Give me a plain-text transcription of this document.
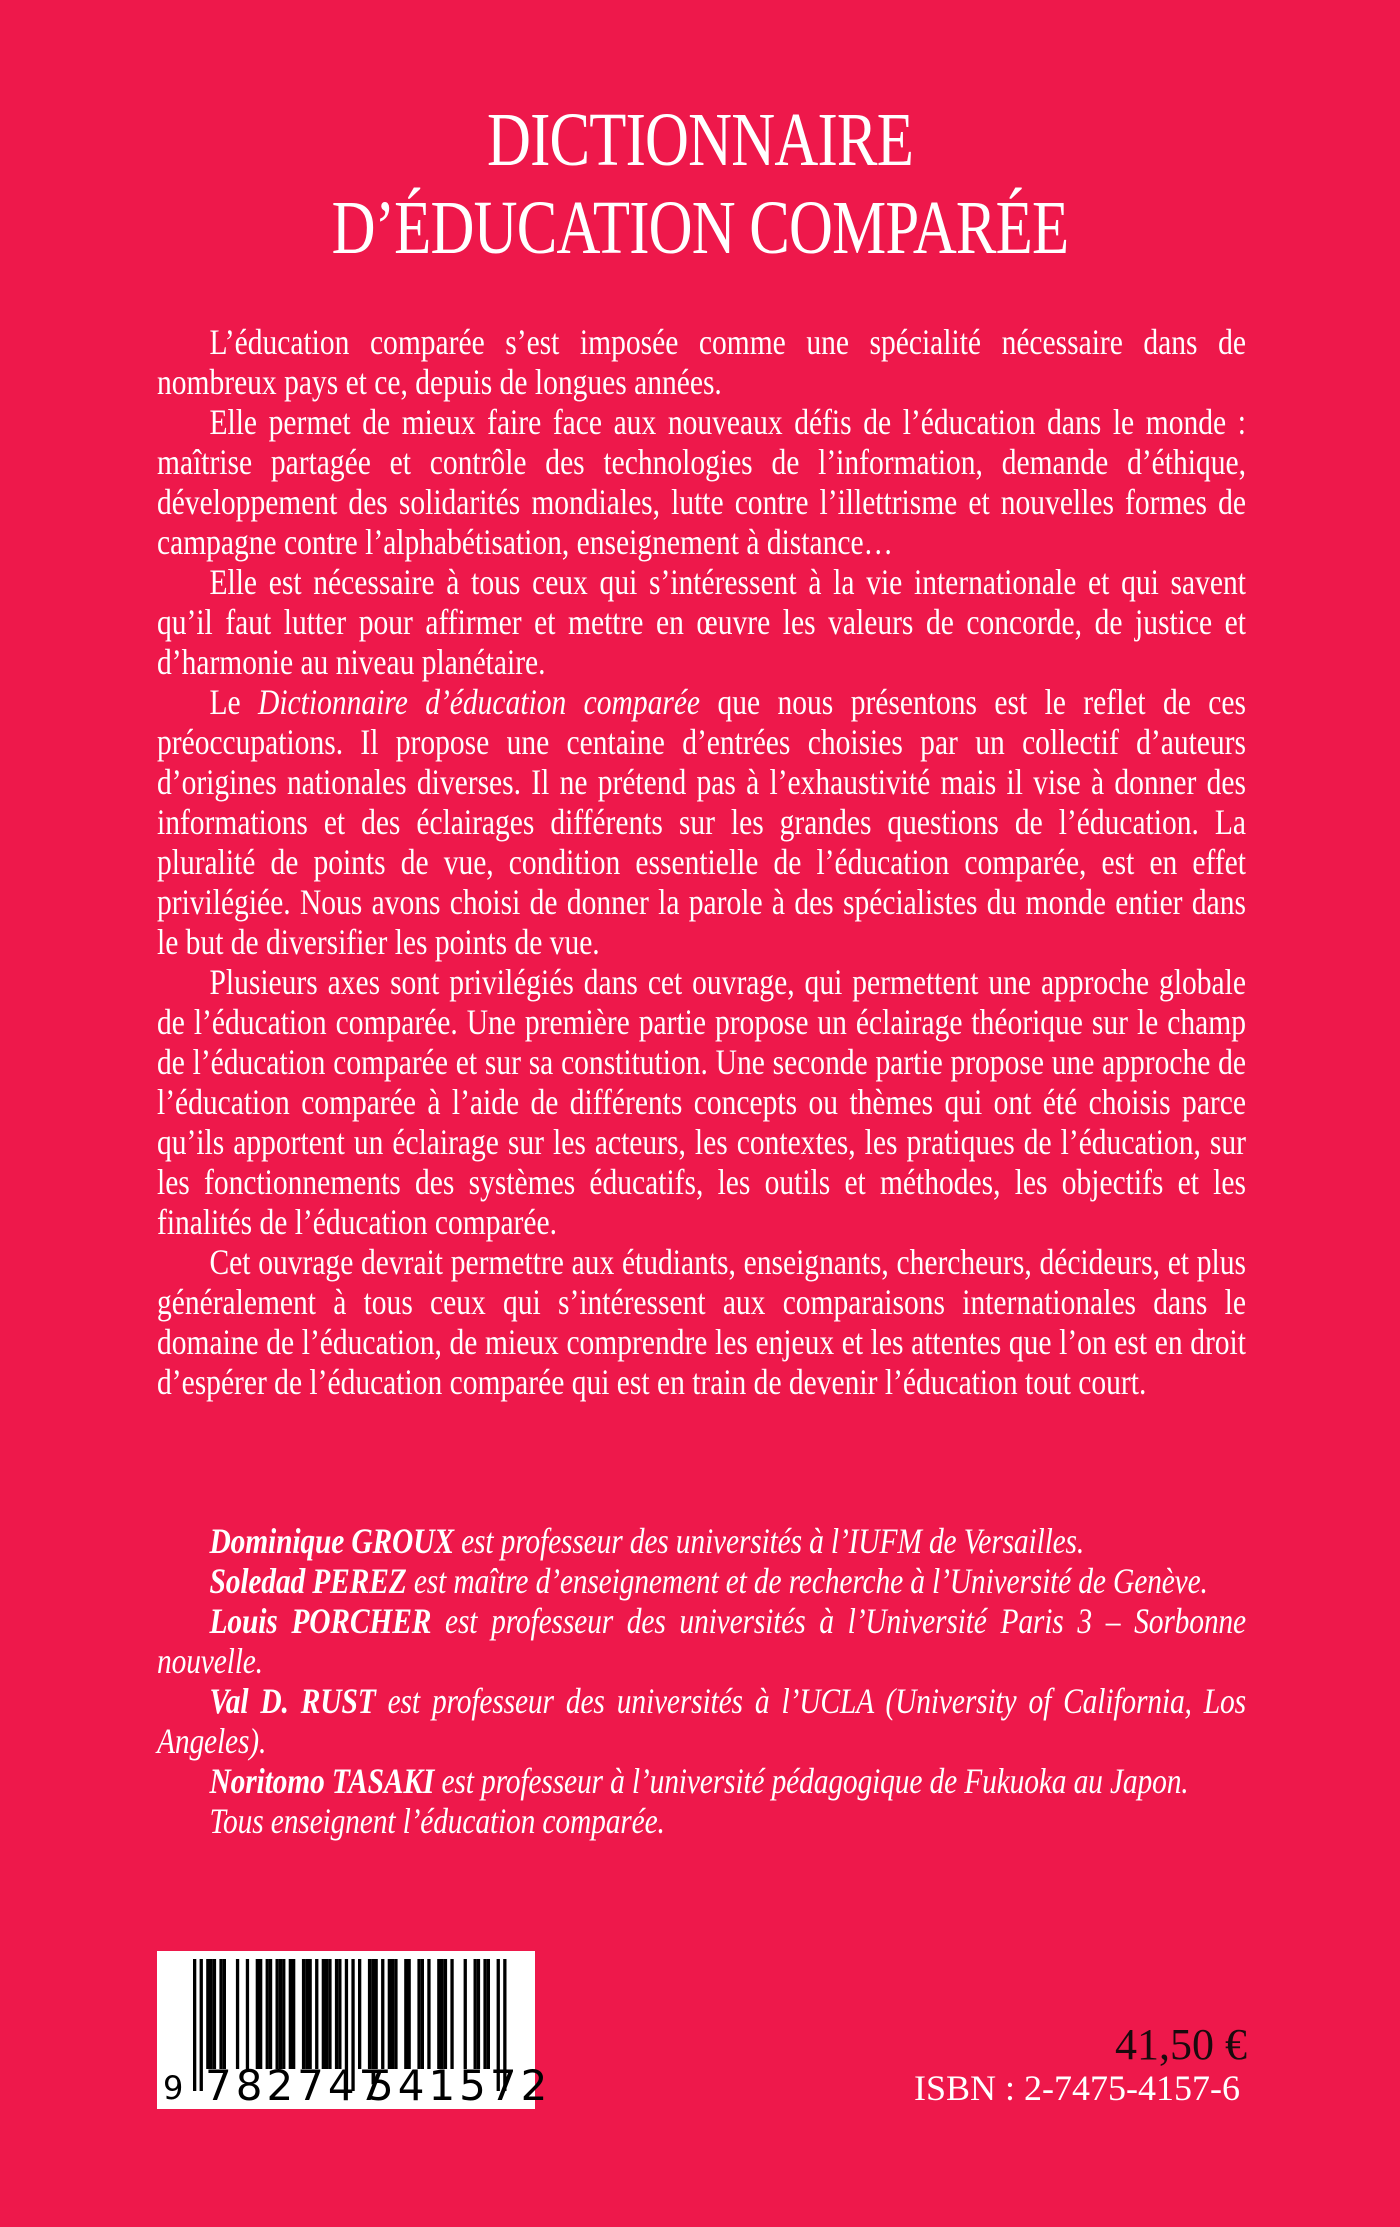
DICTIONNAIRE
D’ÉDUCATION COMPARÉE

L’éducation comparée s’est imposée comme une spécialité nécessaire dans de nombreux pays et ce, depuis de longues années.

Elle permet de mieux faire face aux nouveaux défis de l’éducation dans le monde : maîtrise partagée et contrôle des technologies de l’information, demande d’éthique, développement des solidarités mondiales, lutte contre l’illettrisme et nouvelles formes de campagne contre l’alphabétisation, enseignement à distance…

Elle est nécessaire à tous ceux qui s’intéressent à la vie internationale et qui savent qu’il faut lutter pour affirmer et mettre en œuvre les valeurs de concorde, de justice et d’harmonie au niveau planétaire.

Le Dictionnaire d’éducation comparée que nous présentons est le reflet de ces préoccupations. Il propose une centaine d’entrées choisies par un collectif d’auteurs d’origines nationales diverses. Il ne prétend pas à l’exhaustivité mais il vise à donner des informations et des éclairages différents sur les grandes questions de l’éducation. La pluralité de points de vue, condition essentielle de l’éducation comparée, est en effet privilégiée. Nous avons choisi de donner la parole à des spécialistes du monde entier dans le but de diversifier les points de vue.

Plusieurs axes sont privilégiés dans cet ouvrage, qui permettent une approche globale de l’éducation comparée. Une première partie propose un éclairage théorique sur le champ de l’éducation comparée et sur sa constitution. Une seconde partie propose une approche de l’éducation comparée à l’aide de différents concepts ou thèmes qui ont été choisis parce qu’ils apportent un éclairage sur les acteurs, les contextes, les pratiques de l’éducation, sur les fonctionnements des systèmes éducatifs, les outils et méthodes, les objectifs et les finalités de l’éducation comparée.

Cet ouvrage devrait permettre aux étudiants, enseignants, chercheurs, décideurs, et plus généralement à tous ceux qui s’intéressent aux comparaisons internationales dans le domaine de l’éducation, de mieux comprendre les enjeux et les attentes que l’on est en droit d’espérer de l’éducation comparée qui est en train de devenir l’éducation tout court.

Dominique GROUX est professeur des universités à l’IUFM de Versailles.

Soledad PEREZ est maître d’enseignement et de recherche à l’Université de Genève.

Louis PORCHER est professeur des universités à l’Université Paris 3 – Sorbonne nouvelle.

Val D. RUST est professeur des universités à l’UCLA (University of California, Los Angeles).

Noritomo TASAKI est professeur à l’université pédagogique de Fukuoka au Japon.

Tous enseignent l’éducation comparée.

9 782747
541572
41,50 €
ISBN : 2-7475-4157-6
